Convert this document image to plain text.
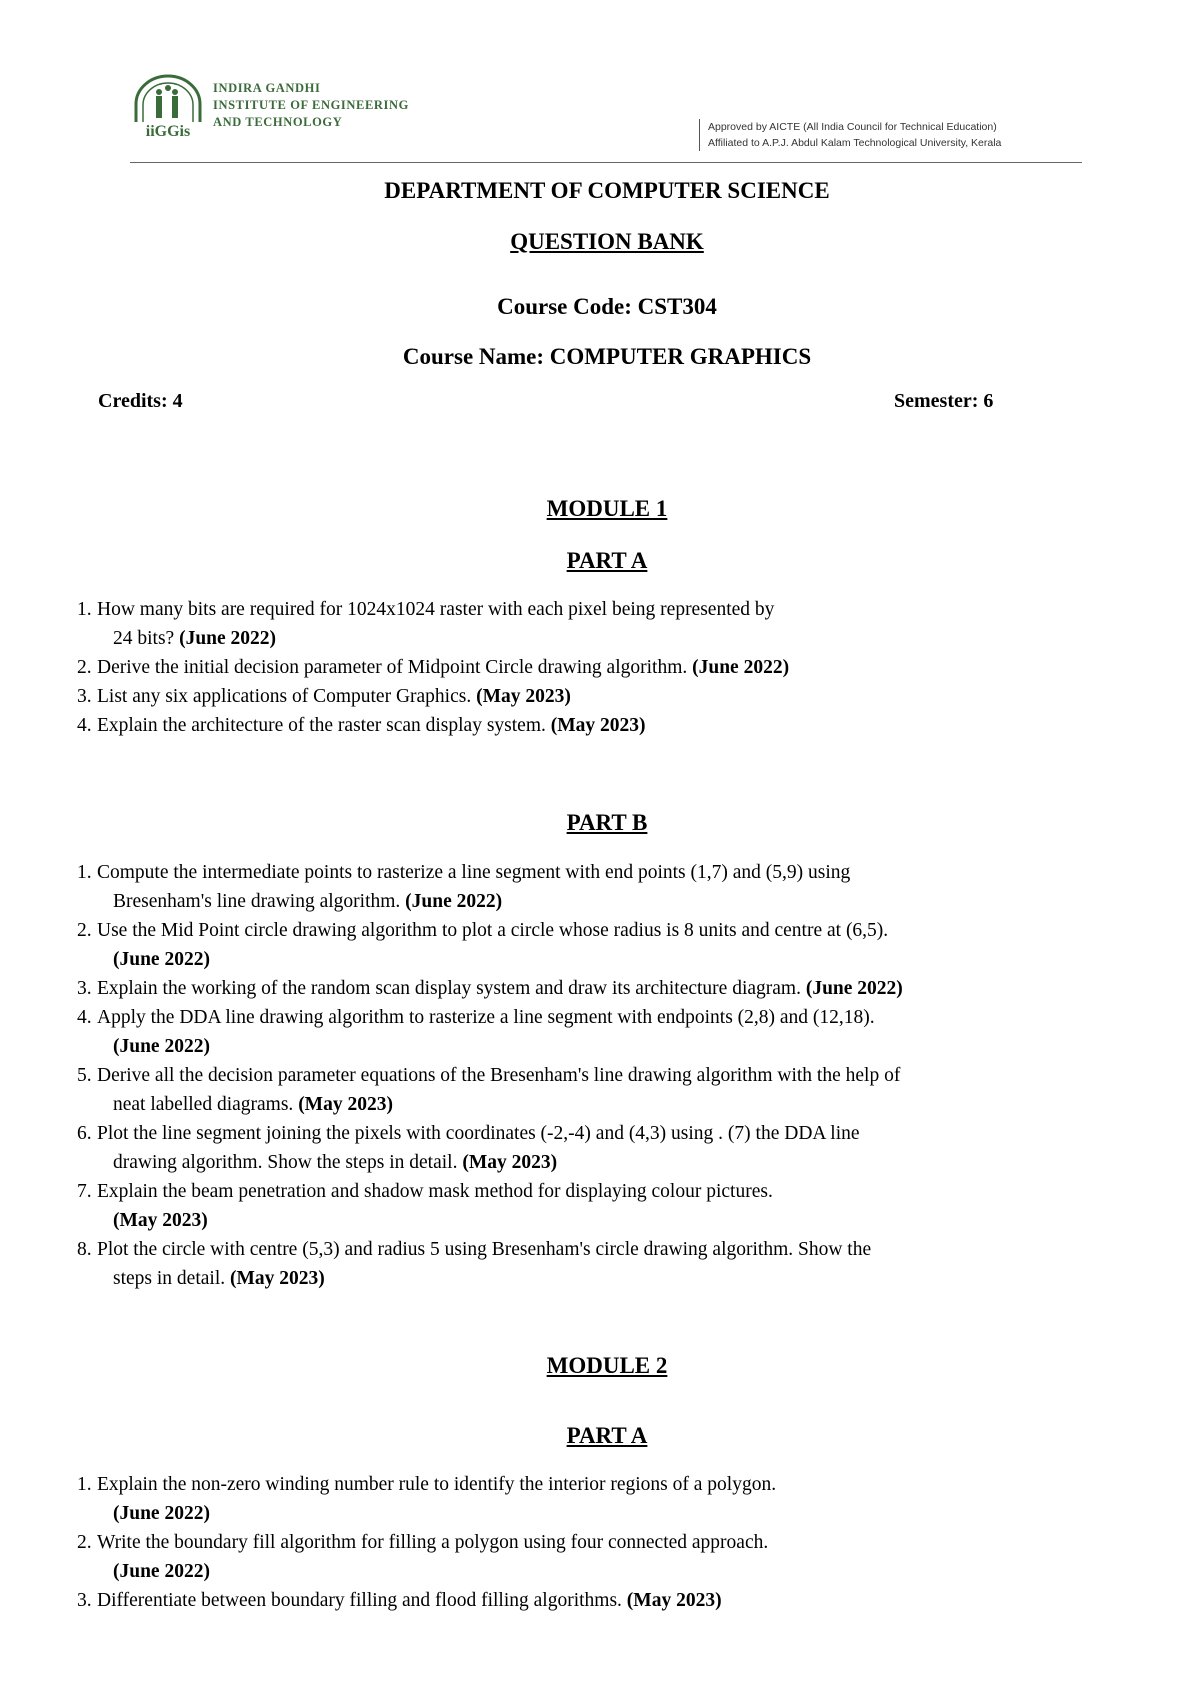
iiGGis
INDIRA GANDHI
INSTITUTE OF ENGINEERING
AND TECHNOLOGY	Approved by AICTE (All India Council for Technical Education)
Affiliated to A.P.J. Abdul Kalam Technological University, Kerala
DEPARTMENT OF COMPUTER SCIENCE
QUESTION BANK
Course Code: CST304
Course Name: COMPUTER GRAPHICS
Credits: 4	Semester: 6
MODULE 1
PART A
1. How many bits are required for 1024x1024 raster with each pixel being represented by
24 bits? (June 2022)
2. Derive the initial decision parameter of Midpoint Circle drawing algorithm. (June 2022)
3. List any six applications of Computer Graphics. (May 2023)
4. Explain the architecture of the raster scan display system. (May 2023)
PART B
1. Compute the intermediate points to rasterize a line segment with end points (1,7) and (5,9) using
Bresenham's line drawing algorithm. (June 2022)
2. Use the Mid Point circle drawing algorithm to plot a circle whose radius is 8 units and centre at (6,5).
(June 2022)
3. Explain the working of the random scan display system and draw its architecture diagram. (June 2022)
4. Apply the DDA line drawing algorithm to rasterize a line segment with endpoints (2,8) and (12,18).
(June 2022)
5. Derive all the decision parameter equations of the Bresenham's line drawing algorithm with the help of
neat labelled diagrams. (May 2023)
6. Plot the line segment joining the pixels with coordinates (-2,-4) and (4,3) using . (7) the DDA line
drawing algorithm. Show the steps in detail. (May 2023)
7. Explain the beam penetration and shadow mask method for displaying colour pictures.
(May 2023)
8. Plot the circle with centre (5,3) and radius 5 using Bresenham's circle drawing algorithm. Show the
steps in detail. (May 2023)
MODULE 2
PART A
1. Explain the non-zero winding number rule to identify the interior regions of a polygon.
(June 2022)
2. Write the boundary fill algorithm for filling a polygon using four connected approach.
(June 2022)
3. Differentiate between boundary filling and flood filling algorithms. (May 2023)
